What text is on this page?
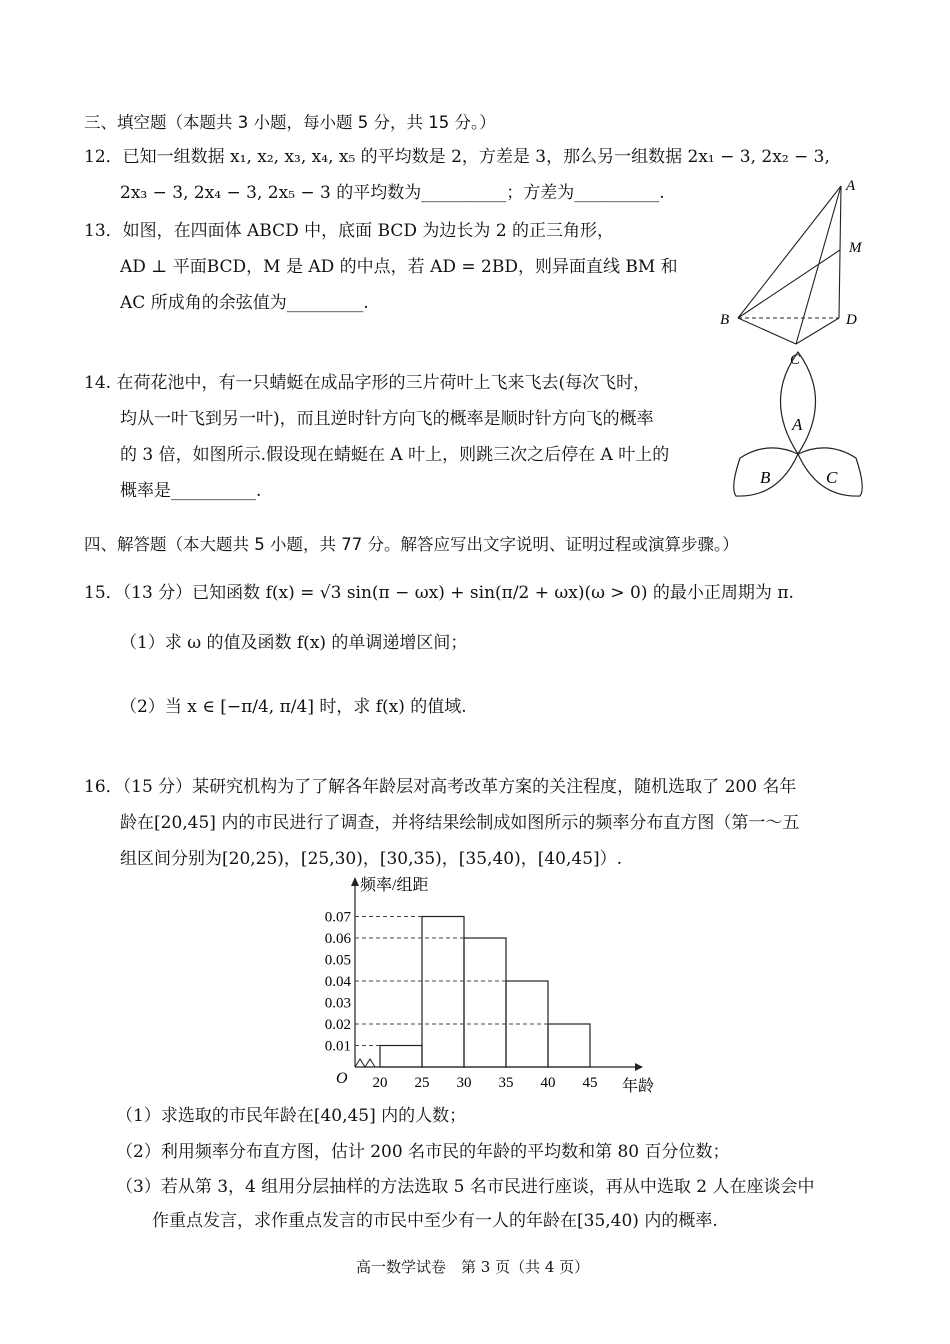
三、填空题（本题共 3 小题，每小题 5 分，共 15 分。）
12．已知一组数据 x₁, x₂, x₃, x₄, x₅ 的平均数是 2，方差是 3，那么另一组数据 2x₁ − 3, 2x₂ − 3,
2x₃ − 3, 2x₄ − 3, 2x₅ − 3 的平均数为__________；方差为__________.
13．如图，在四面体 ABCD 中，底面 BCD 为边长为 2 的正三角形，
AD ⊥ 平面BCD，M 是 AD 的中点，若 AD = 2BD，则异面直线 BM 和
AC 所成角的余弦值为_________.
A
M
B	D
C
14. 在荷花池中，有一只蜻蜓在成品字形的三片荷叶上飞来飞去(每次飞时，
均从一叶飞到另一叶)，而且逆时针方向飞的概率是顺时针方向飞的概率
的 3 倍，如图所示.假设现在蜻蜓在 A 叶上，则跳三次之后停在 A 叶上的
概率是__________.
A
B	C
四、解答题（本大题共 5 小题，共 77 分。解答应写出文字说明、证明过程或演算步骤。）
15．（13 分）已知函数 f(x) = √3 sin(π − ωx) + sin(π/2 + ωx)(ω > 0) 的最小正周期为 π.
（1）求 ω 的值及函数 f(x) 的单调递增区间；
（2）当 x ∈ [−π/4, π/4] 时，求 f(x) 的值域.
16．（15 分）某研究机构为了了解各年龄层对高考改革方案的关注程度，随机选取了 200 名年
龄在[20,45] 内的市民进行了调查，并将结果绘制成如图所示的频率分布直方图（第一～五
组区间分别为[20,25)，[25,30)，[30,35)，[35,40)，[40,45]）.
频率/组距
年龄
O
0.01
0.02
0.03
0.04
0.05
0.06
0.07
20 25 30 35 40 45
（1）求选取的市民年龄在[40,45] 内的人数；
（2）利用频率分布直方图，估计 200 名市民的年龄的平均数和第 80 百分位数；
（3）若从第 3，4 组用分层抽样的方法选取 5 名市民进行座谈，再从中选取 2 人在座谈会中
作重点发言，求作重点发言的市民中至少有一人的年龄在[35,40) 内的概率.
高一数学试卷　第 3 页（共 4 页）
